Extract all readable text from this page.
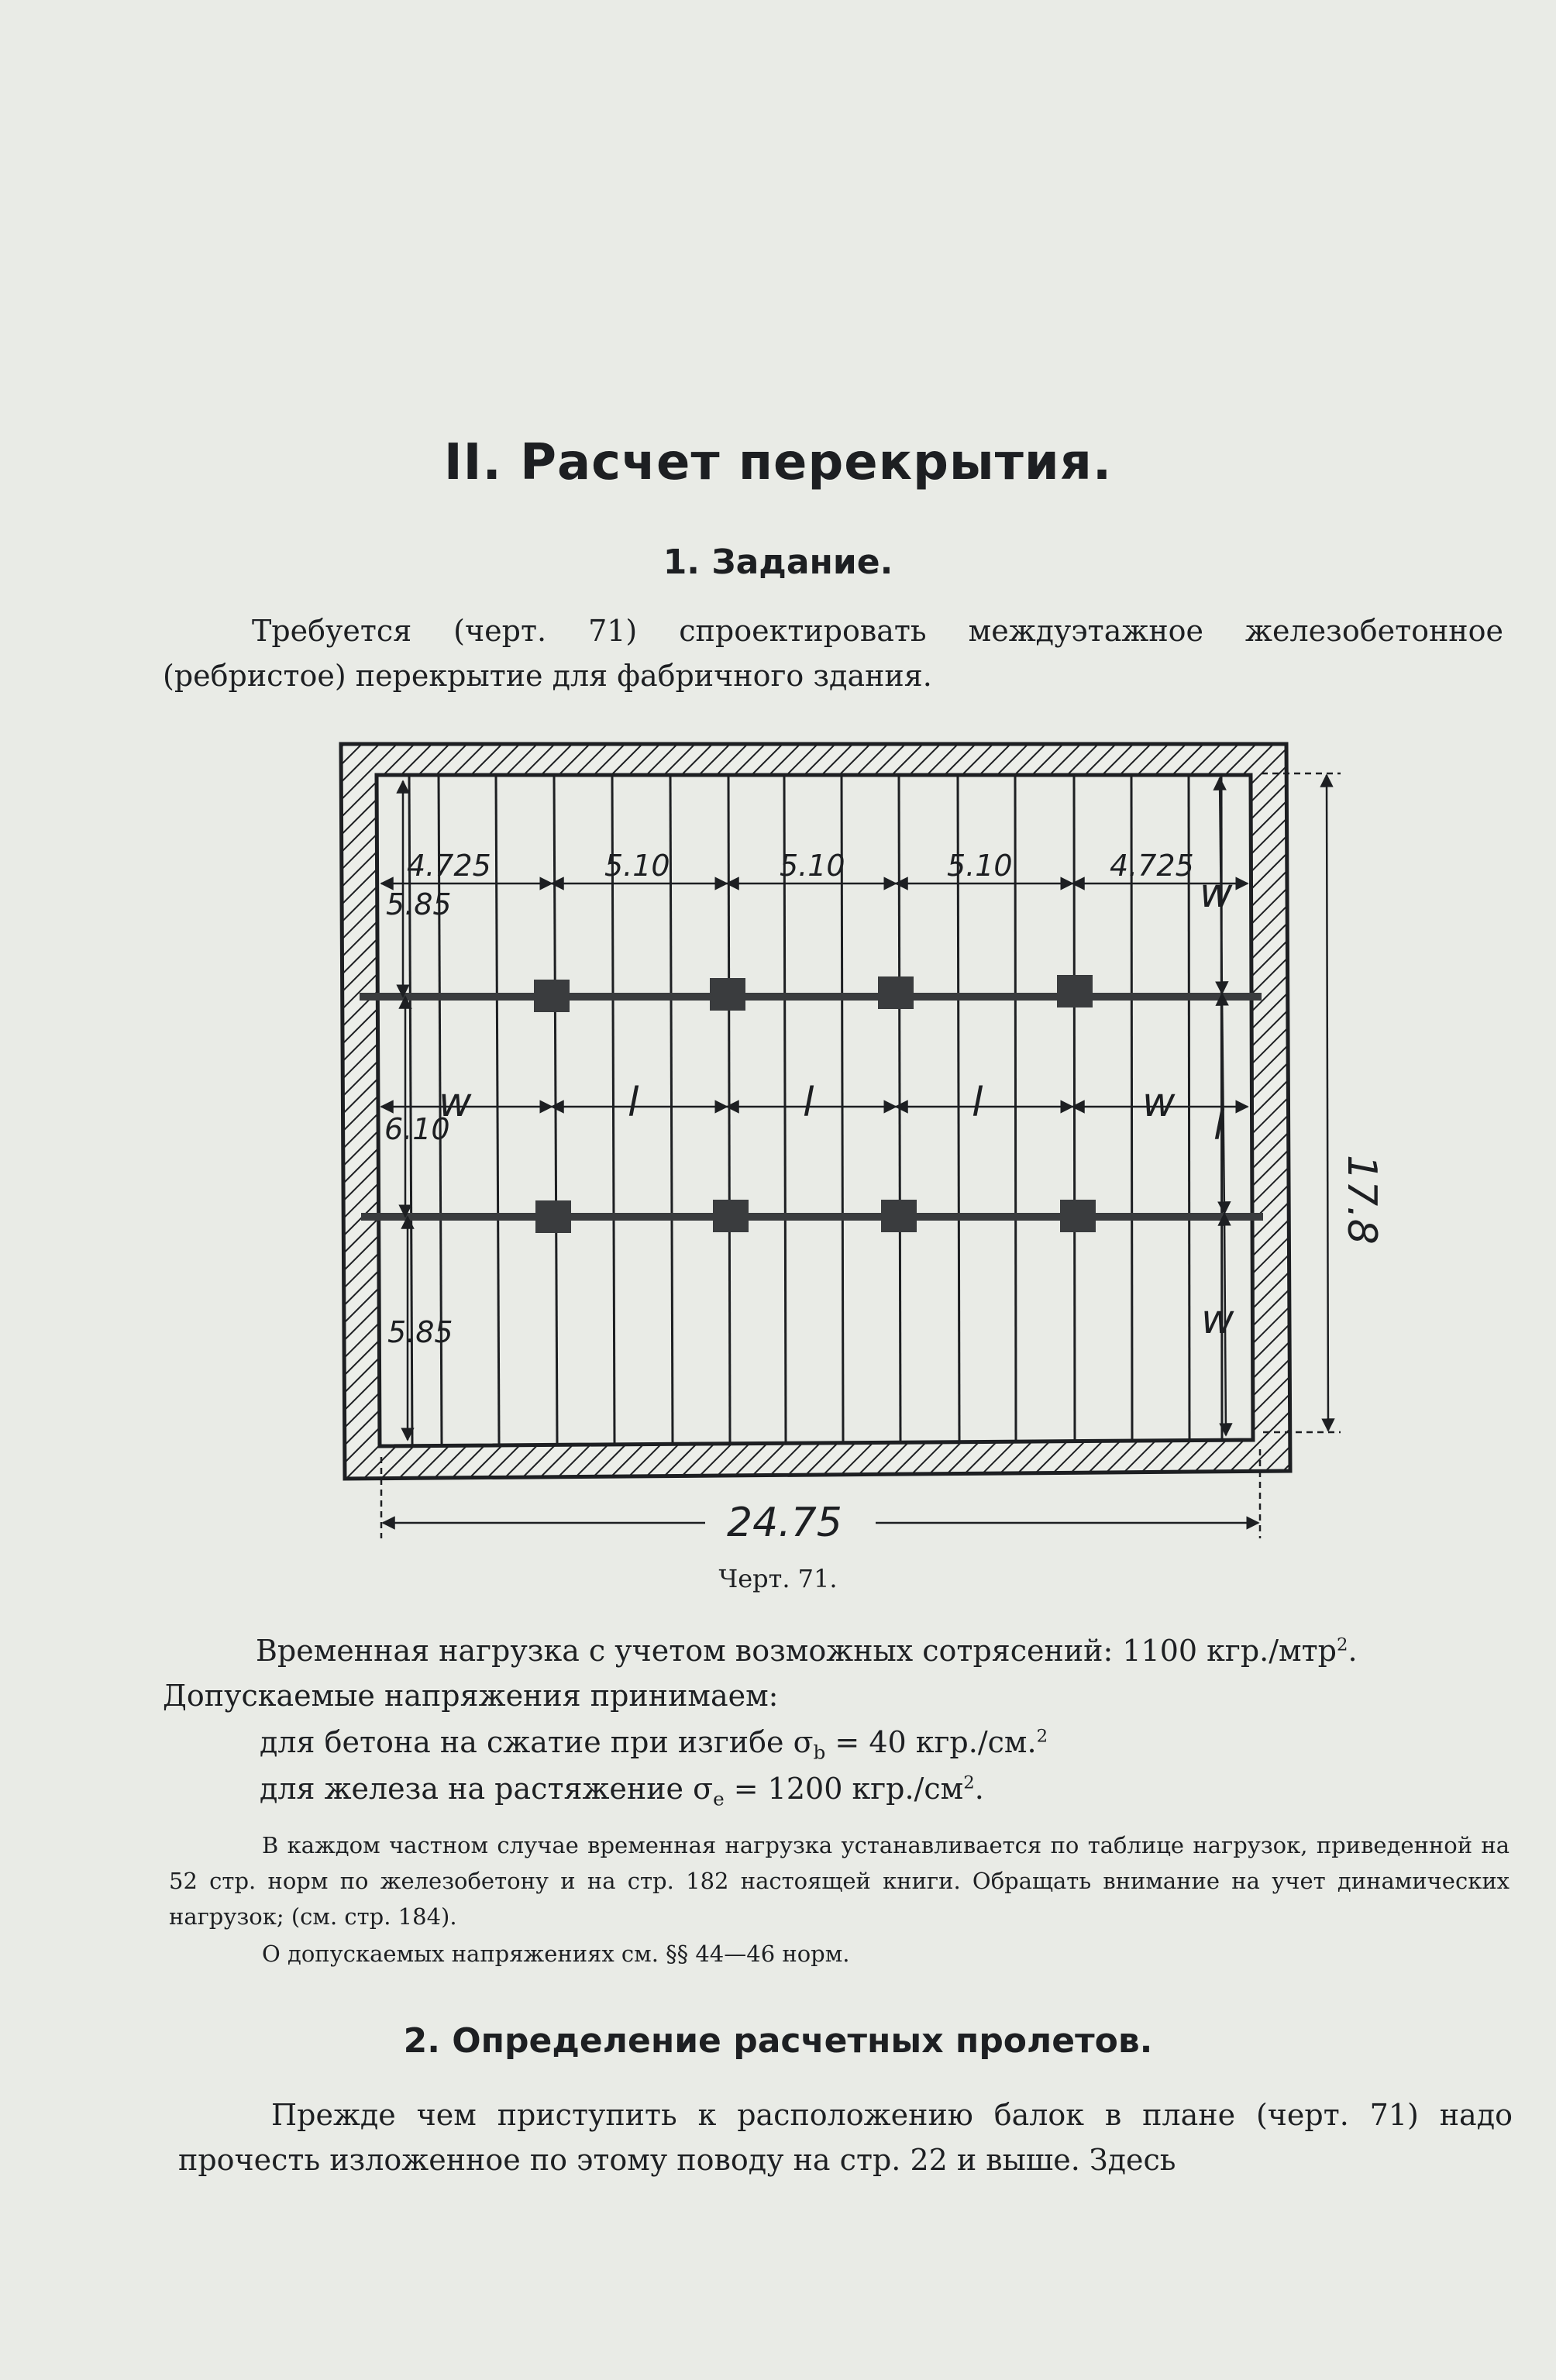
II. Расчет перекрытия.
1. Задание.

Требуется (черт. 71) спроектировать междуэтажное железобетонное (ребристое) перекрытие для фабричного здания.

4.725	5.10	5.10	5.10	4.725
w	l	l	l	w
5.85
6.10
5.85
w
l
w
17.8
24.75
Черт. 71.

Временная нагрузка с учетом возможных сотрясений: 1100 кгр./мтр$^2$.

Допускаемые напряжения принимаем:

для бетона на сжатие при изгибе $\sigma_b = 40$ кгр./см.$^2$

для железа на растяжение $\sigma_e = 1200$ $кгр./см^2$.

В каждом частном случае временная нагрузка устанавливается по таблице нагрузок, приведенной на 52 стр. норм по железобетону и на стр. 182 настоящей книги. Обращать внимание на учет динамических нагрузок; (см. стр. 184).

О допускаемых напряжениях см. §§ 44—46 норм.

2. Определение расчетных пролетов.

Прежде чем приступить к расположению балок в плане (черт. 71) надо прочесть изложенное по этому поводу на стр. 22 и выше. Здесь
